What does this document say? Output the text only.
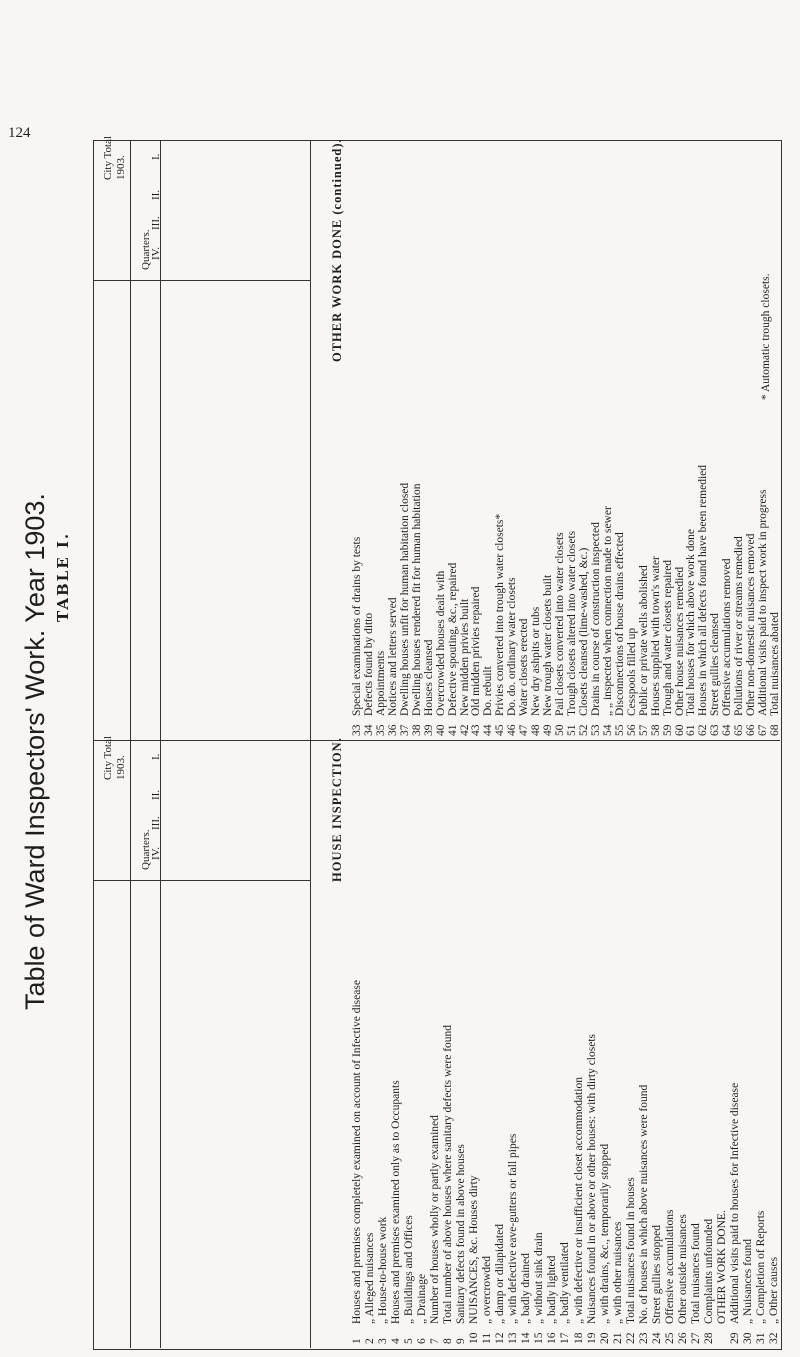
124
TABLE I.
Table of Ward Inspectors' Work. Year 1903.
City Total 1903.
Quarters.
I.
II.
III.
IV.	OTHER WORK DONE (continued).
33
Special examinations of drains by tests
34
Defects found by ditto
35
Appointments
36
Notices and letters served
37
Dwelling houses unfit for human habitation closed
38
Dwelling houses rendered fit for human habitation
39
Houses cleansed
40
Overcrowded houses dealt with
41
Defective spouting, &c., repaired
42
New midden privies built
43
Old midden privies repaired
44
Do. rebuilt
45
Privies converted into trough water closets*
46
Do. do. ordinary water closets
47
Water closets erected
48
New dry ashpits or tubs
49
New trough water closets built
50
Pail closets converted into water closets
51
Trough closets altered into water closets
52
Closets cleansed (lime-washed, &c.)
53
Drains in course of construction inspected
54
„ „ inspected when connection made to sewer
55
Disconnections of house drains effected
56
Cesspools filled up
57
Public or private wells abolished
58
Houses supplied with town's water
59
Trough and water closets repaired
60
Other house nuisances remedied
61
Total houses for which above work done
62
Houses in which all defects found have been remedied
63
Street gullies cleansed
64
Offensive accumulations removed
65
Pollutions of river or streams remedied
66
Other non-domestic nuisances removed
67
Additional visits paid to inspect work in progress
68
Total nuisances abated
* Automatic trough closets.
City Total 1903.
Quarters.
I.
II.
III.
IV.	HOUSE INSPECTION.
1
Houses and premises completely examined on account of Infective disease
2
„ Alleged nuisances
3
„ House-to-house work
4
Houses and premises examined only as to Occupants
5
„ Buildings and Offices
6
„ Drainage
7
Number of houses wholly or partly examined
8
Total number of above houses where sanitary defects were found
9
Sanitary defects found in above houses
10
NUISANCES, &c. Houses dirty
11
„ overcrowded
12
„ damp or dilapidated
13
„ with defective eave-gutters or fall pipes
14
„ badly drained
15
„ without sink drain
16
„ badly lighted
17
„ badly ventilated
18
„ with defective or insufficient closet accommodation
19
Nuisances found in or above or other houses: with dirty closets
20
„ with drains, &c., temporarily stopped
21
„ with other nuisances
22
Total nuisances found in houses
23
No. of houses in which above nuisances were found
24
Street gullies stopped
25
Offensive accumulations
26
Other outside nuisances
27
Total nuisances found
28
Complaints unfounded OTHER WORK DONE.
29
Additional visits paid to houses for Infective disease
30
„ Nuisances found
31
„ Completion of Reports
32
„ Other causes
